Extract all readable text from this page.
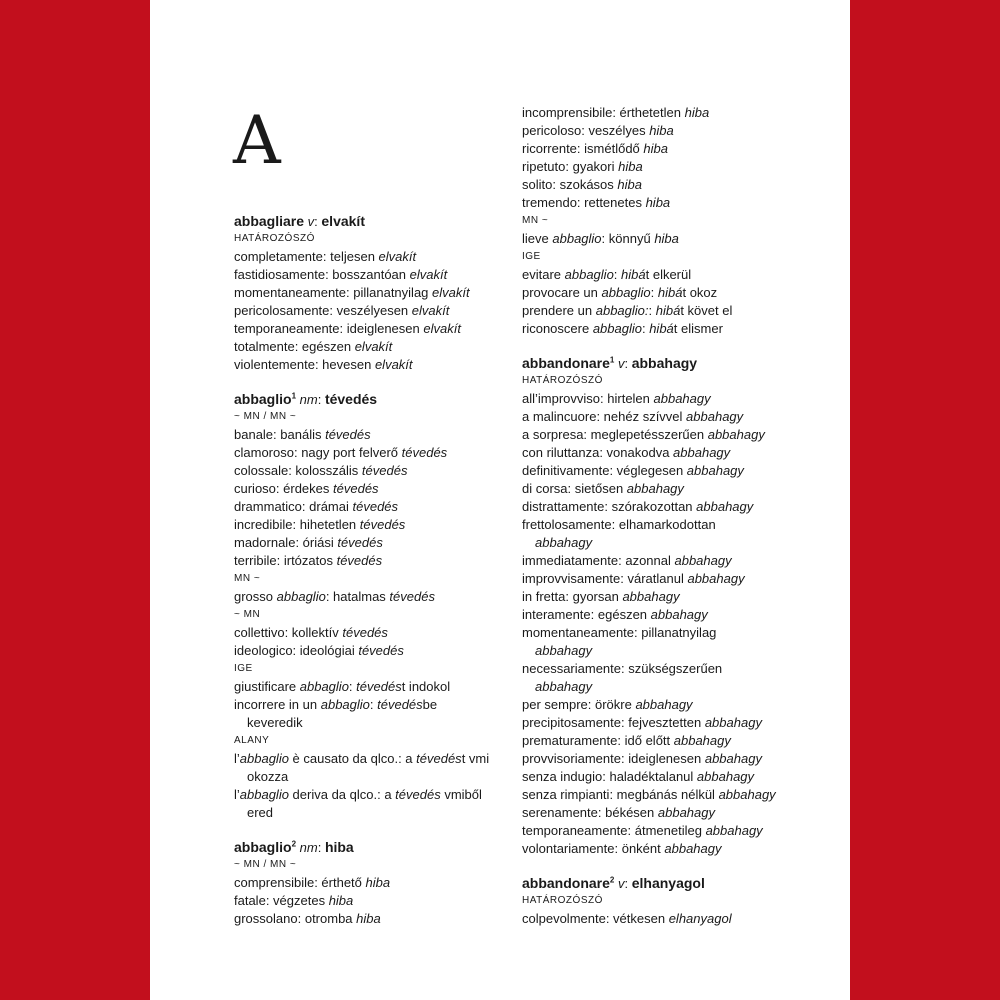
A
abbagliare v: elvakít
HATÁROZÓSZÓ
completamente: teljesen elvakít
fastidiosamente: bosszantóan elvakít
momentaneamente: pillanatnyilag elvakít
pericolosamente: veszélyesen elvakít
temporaneamente: ideiglenesen elvakít
totalmente: egészen elvakít
violentemente: hevesen elvakít
abbaglio$^1$ nm: tévedés
~ MN / MN ~
banale: banális tévedés
clamoroso: nagy port felverő tévedés
colossale: kolosszális tévedés
curioso: érdekes tévedés
drammatico: drámai tévedés
incredibile: hihetetlen tévedés
madornale: óriási tévedés
terribile: irtózatos tévedés
MN ~
grosso abbaglio: hatalmas tévedés
~ MN
collettivo: kollektív tévedés
ideologico: ideológiai tévedés
IGE
giustificare abbaglio: tévedést indokol
incorrere in un abbaglio: tévedésbe
keveredik
ALANY
l’abbaglio è causato da qlco.: a tévedést vmi
okozza
l’abbaglio deriva da qlco.: a tévedés vmiből
ered
abbaglio$^2$ nm: hiba
~ MN / MN ~
comprensibile: érthető hiba
fatale: végzetes hiba
grossolano: otromba hiba
incomprensibile: érthetetlen hiba
pericoloso: veszélyes hiba
ricorrente: ismétlődő hiba
ripetuto: gyakori hiba
solito: szokásos hiba
tremendo: rettenetes hiba
MN ~
lieve abbaglio: könnyű hiba
IGE
evitare abbaglio: hibát elkerül
provocare un abbaglio: hibát okoz
prendere un abbaglio:: hibát követ el
riconoscere abbaglio: hibát elismer
abbandonare$^1$ v: abbahagy
HATÁROZÓSZÓ
all’improvviso: hirtelen abbahagy
a malincuore: nehéz szívvel abbahagy
a sorpresa: meglepetésszerűen abbahagy
con riluttanza: vonakodva abbahagy
definitivamente: véglegesen abbahagy
di corsa: sietősen abbahagy
distrattamente: szórakozottan abbahagy
frettolosamente: elhamarkodottan
abbahagy
immediatamente: azonnal abbahagy
improvvisamente: váratlanul abbahagy
in fretta: gyorsan abbahagy
interamente: egészen abbahagy
momentaneamente: pillanatnyilag
abbahagy
necessariamente: szükségszerűen
abbahagy
per sempre: örökre abbahagy
precipitosamente: fejvesztetten abbahagy
prematuramente: idő előtt abbahagy
provvisoriamente: ideiglenesen abbahagy
senza indugio: haladéktalanul abbahagy
senza rimpianti: megbánás nélkül abbahagy
serenamente: békésen abbahagy
temporaneamente: átmenetileg abbahagy
volontariamente: önként abbahagy
abbandonare$^2$ v: elhanyagol
HATÁROZÓSZÓ
colpevolmente: vétkesen elhanyagol
